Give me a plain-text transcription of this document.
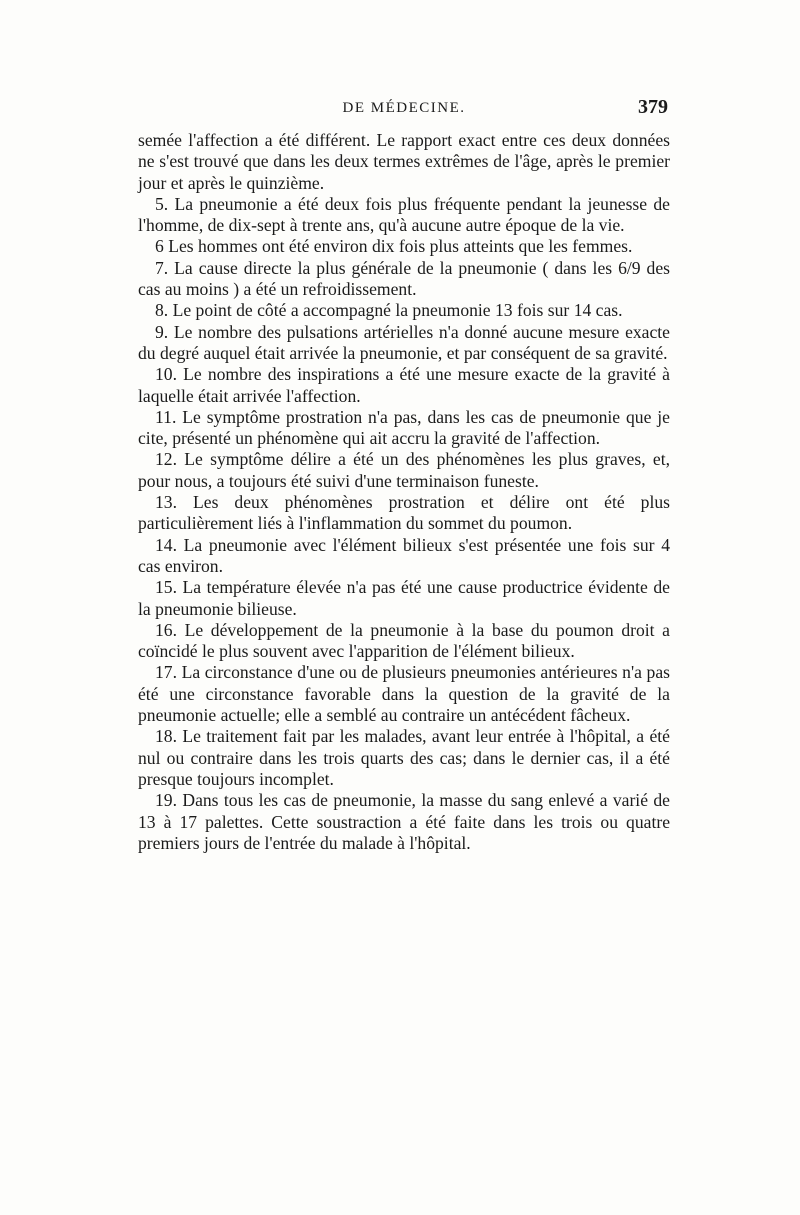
DE MÉDECINE.	379

semée l'affection a été différent. Le rapport exact entre ces deux données ne s'est trouvé que dans les deux termes extrêmes de l'âge, après le premier jour et après le quinzième.

5. La pneumonie a été deux fois plus fréquente pendant la jeunesse de l'homme, de dix-sept à trente ans, qu'à aucune autre époque de la vie.

6 Les hommes ont été environ dix fois plus atteints que les femmes.

7. La cause directe la plus générale de la pneumonie ( dans les 6/9 des cas au moins ) a été un refroidissement.

8. Le point de côté a accompagné la pneumonie 13 fois sur 14 cas.

9. Le nombre des pulsations artérielles n'a donné aucune mesure exacte du degré auquel était arrivée la pneumonie, et par conséquent de sa gravité.

10. Le nombre des inspirations a été une mesure exacte de la gravité à laquelle était arrivée l'affection.

11. Le symptôme prostration n'a pas, dans les cas de pneumonie que je cite, présenté un phénomène qui ait accru la gravité de l'affection.

12. Le symptôme délire a été un des phénomènes les plus graves, et, pour nous, a toujours été suivi d'une terminaison funeste.

13. Les deux phénomènes prostration et délire ont été plus particulièrement liés à l'inflammation du sommet du poumon.

14. La pneumonie avec l'élément bilieux s'est présentée une fois sur 4 cas environ.

15. La température élevée n'a pas été une cause productrice évidente de la pneumonie bilieuse.

16. Le développement de la pneumonie à la base du poumon droit a coïncidé le plus souvent avec l'apparition de l'élément bilieux.

17. La circonstance d'une ou de plusieurs pneumonies antérieures n'a pas été une circonstance favorable dans la question de la gravité de la pneumonie actuelle; elle a semblé au contraire un antécédent fâcheux.

18. Le traitement fait par les malades, avant leur entrée à l'hôpital, a été nul ou contraire dans les trois quarts des cas; dans le dernier cas, il a été presque toujours incomplet.

19. Dans tous les cas de pneumonie, la masse du sang enlevé a varié de 13 à 17 palettes. Cette soustraction a été faite dans les trois ou quatre premiers jours de l'entrée du malade à l'hôpital.
